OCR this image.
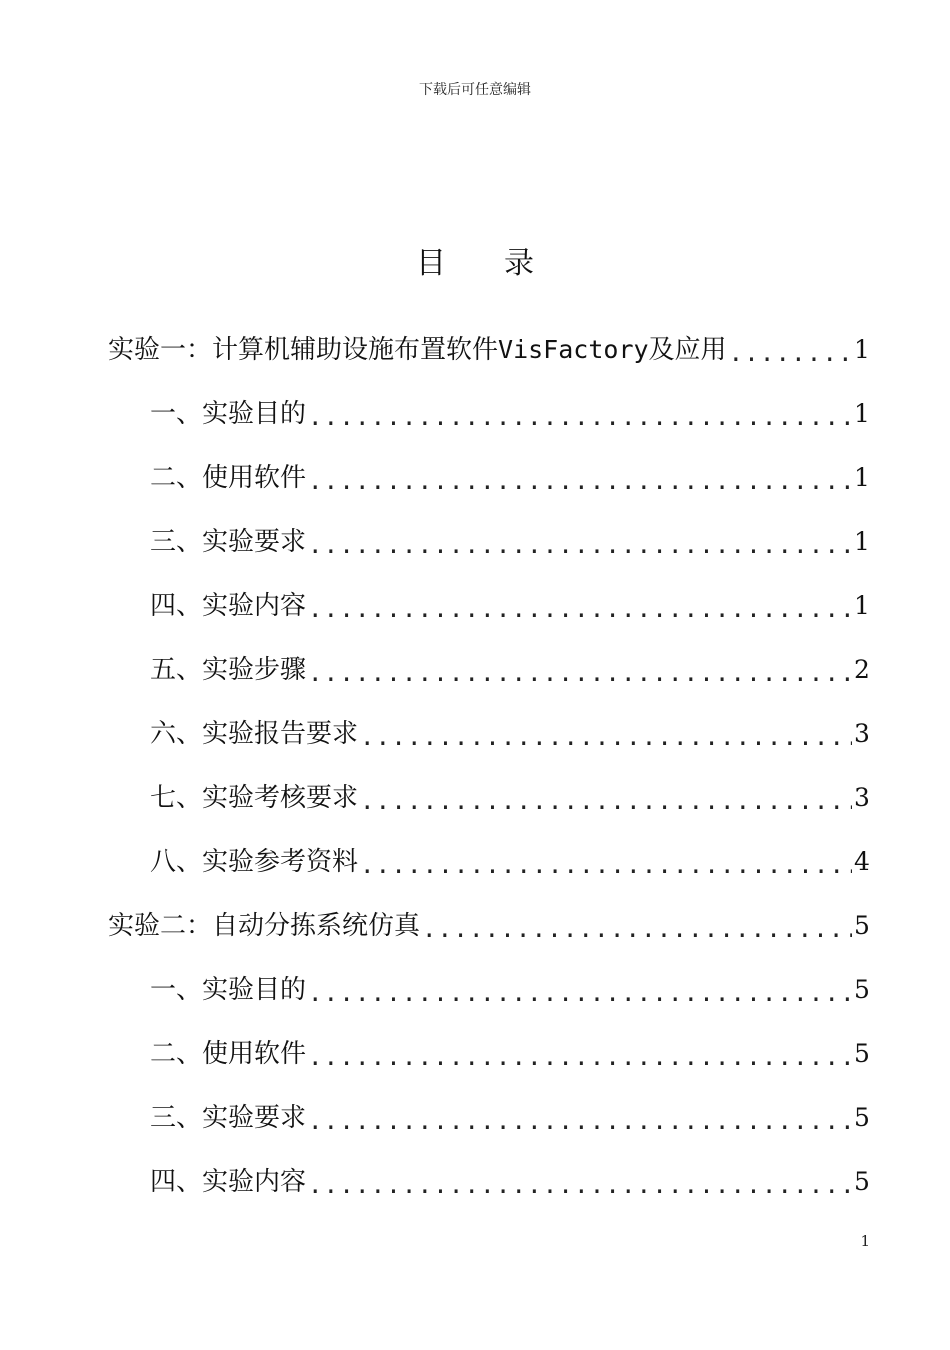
下载后可任意编辑
目 录
实验一： 计算机辅助设施布置软件VisFactory及应用 .....	1
一、 实验目的 .....	1
二、 使用软件 .....	1
三、 实验要求 .....	1
四、 实验内容 .....	1
五、 实验步骤 .....	2
六、 实验报告要求 .....	3
七、 实验考核要求 .....	3
八、 实验参考资料 .....	4
实验二： 自动分拣系统仿真 .....	5
一、 实验目的 .....	5
二、 使用软件 .....	5
三、 实验要求 .....	5
四、 实验内容 .....	5
1
